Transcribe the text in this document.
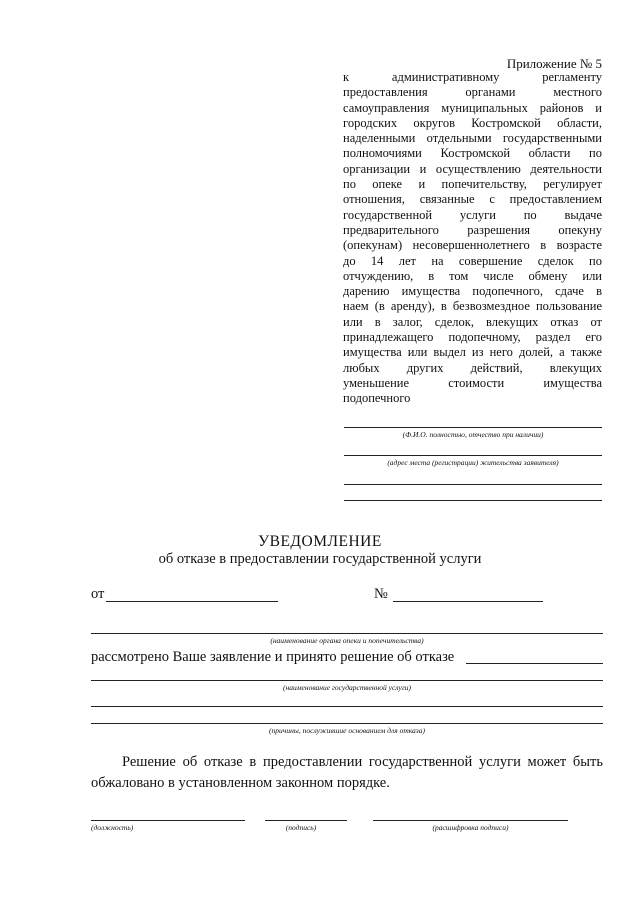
Приложение № 5
к административному регламенту
предоставления органами местного
самоуправления муниципальных районов и
городских округов Костромской области,
наделенными отдельными государственными
полномочиями Костромской области по
организации и осуществлению деятельности
по опеке и попечительству, регулирует
отношения, связанные с предоставлением
государственной услуги по выдаче
предварительного разрешения опекуну
(опекунам) несовершеннолетнего в возрасте
до 14 лет на совершение сделок по
отчуждению, в том числе обмену или
дарению имущества подопечного, сдаче в
наем (в аренду), в безвозмездное пользование
или в залог, сделок, влекущих отказ от
принадлежащего подопечному, раздел его
имущества или выдел из него долей, а также
любых других действий, влекущих
уменьшение стоимости имущества
подопечного
(Ф.И.О. полностью, отчество при наличии)
(адрес места (регистрации) жительства заявителя)
УВЕДОМЛЕНИЕ
об отказе в предоставлении государственной услуги
от	№
(наименование органа опеки и попечительства)
рассмотрено Ваше заявление и принято решение об отказе
(наименование государственной услуги)
(причины, послужившие основанием для отказа)
Решение об отказе в предоставлении государственной услуги может быть обжаловано в установленном законном порядке.
(должность)	(подпись)	(расшифровка подписи)
